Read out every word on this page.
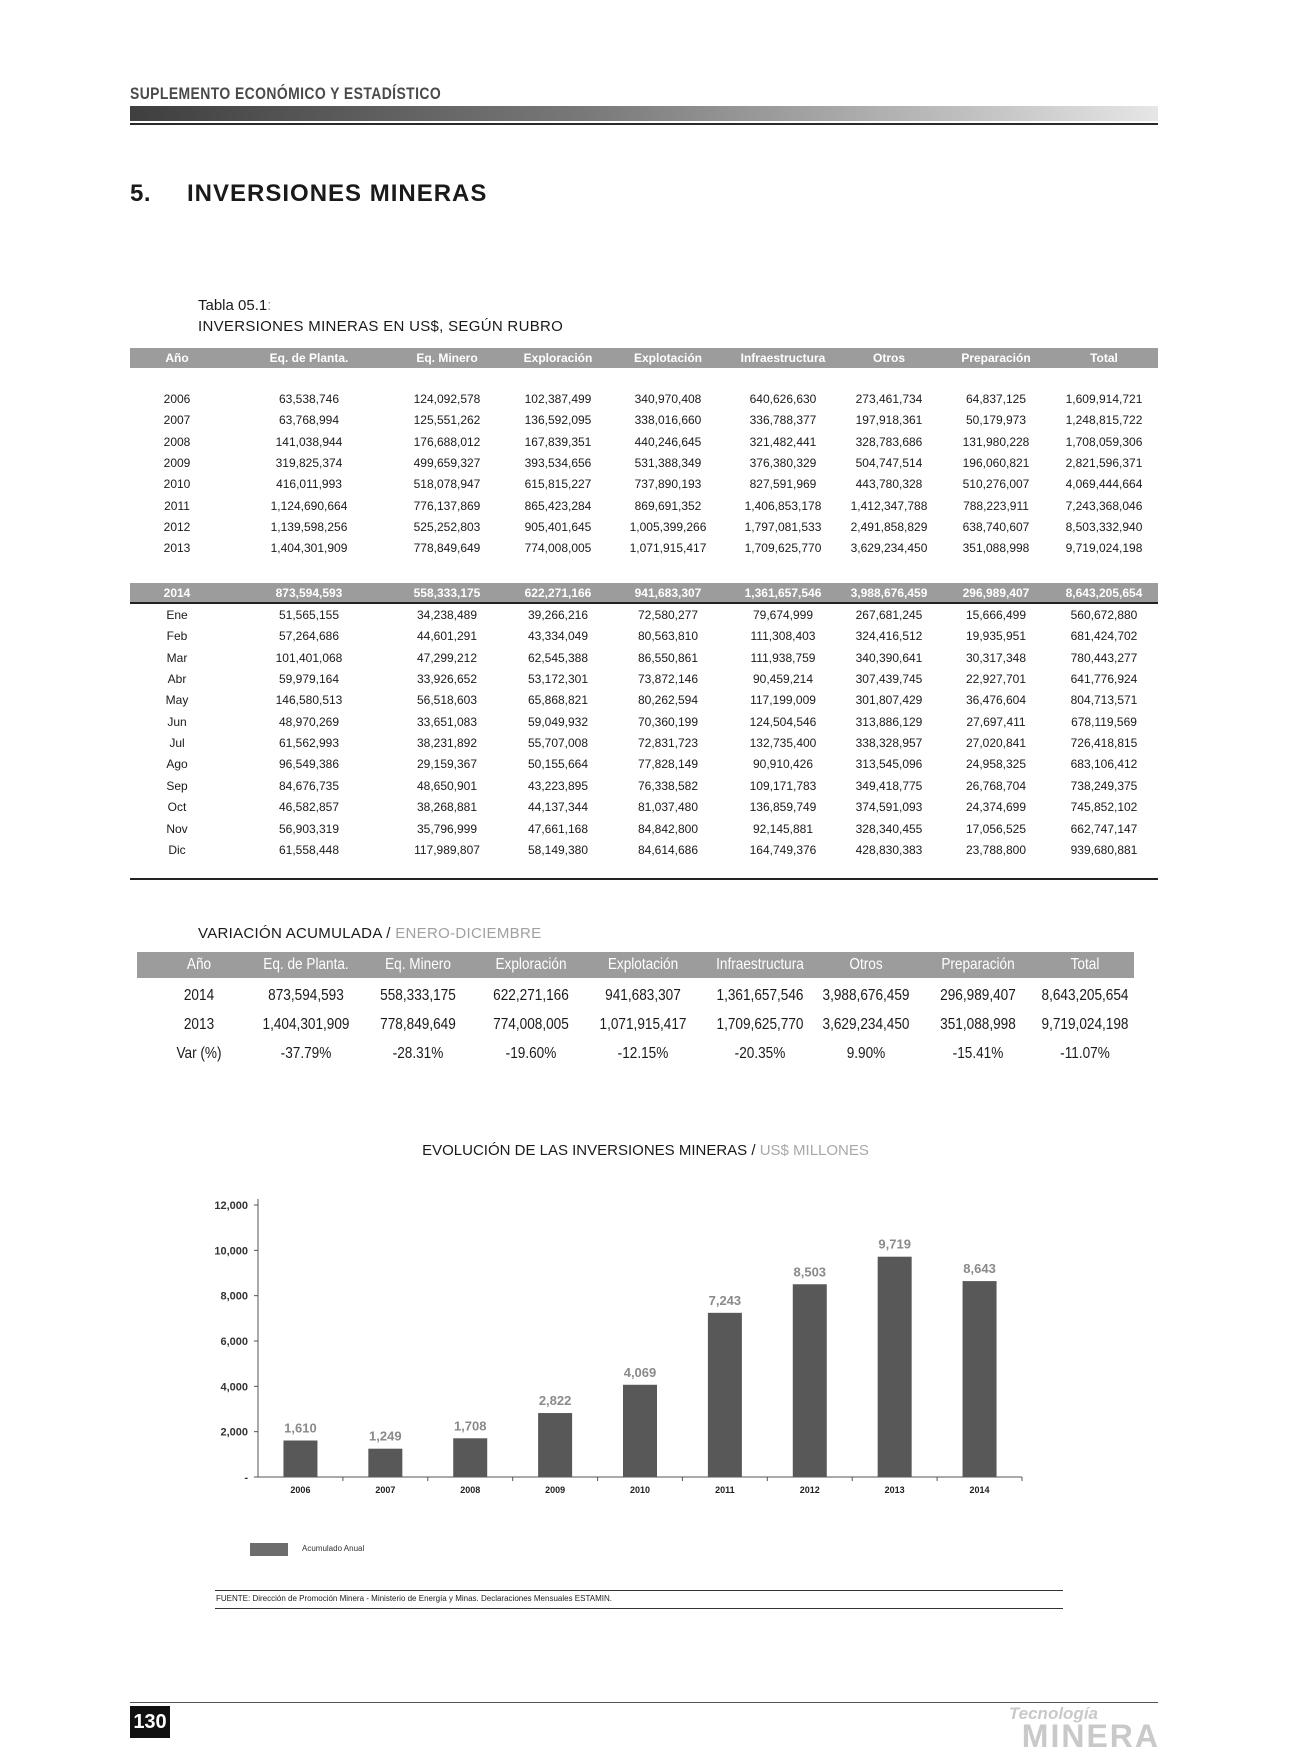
SUPLEMENTO ECONÓMICO Y ESTADÍSTICO
5. INVERSIONES MINERAS
Tabla 05.1:
INVERSIONES MINERAS EN US$, SEGÚN RUBRO
Año	Eq. de Planta.	Eq. Minero	Exploración	Explotación	Infraestructura	Otros	Preparación	Total
2006	63,538,746	124,092,578	102,387,499	340,970,408	640,626,630	273,461,734	64,837,125	1,609,914,721
2007	63,768,994	125,551,262	136,592,095	338,016,660	336,788,377	197,918,361	50,179,973	1,248,815,722
2008	141,038,944	176,688,012	167,839,351	440,246,645	321,482,441	328,783,686	131,980,228	1,708,059,306
2009	319,825,374	499,659,327	393,534,656	531,388,349	376,380,329	504,747,514	196,060,821	2,821,596,371
2010	416,011,993	518,078,947	615,815,227	737,890,193	827,591,969	443,780,328	510,276,007	4,069,444,664
2011	1,124,690,664	776,137,869	865,423,284	869,691,352	1,406,853,178	1,412,347,788	788,223,911	7,243,368,046
2012	1,139,598,256	525,252,803	905,401,645	1,005,399,266	1,797,081,533	2,491,858,829	638,740,607	8,503,332,940
2013	1,404,301,909	778,849,649	774,008,005	1,071,915,417	1,709,625,770	3,629,234,450	351,088,998	9,719,024,198
2014	873,594,593	558,333,175	622,271,166	941,683,307	1,361,657,546	3,988,676,459	296,989,407	8,643,205,654
Ene	51,565,155	34,238,489	39,266,216	72,580,277	79,674,999	267,681,245	15,666,499	560,672,880
Feb	57,264,686	44,601,291	43,334,049	80,563,810	111,308,403	324,416,512	19,935,951	681,424,702
Mar	101,401,068	47,299,212	62,545,388	86,550,861	111,938,759	340,390,641	30,317,348	780,443,277
Abr	59,979,164	33,926,652	53,172,301	73,872,146	90,459,214	307,439,745	22,927,701	641,776,924
May	146,580,513	56,518,603	65,868,821	80,262,594	117,199,009	301,807,429	36,476,604	804,713,571
Jun	48,970,269	33,651,083	59,049,932	70,360,199	124,504,546	313,886,129	27,697,411	678,119,569
Jul	61,562,993	38,231,892	55,707,008	72,831,723	132,735,400	338,328,957	27,020,841	726,418,815
Ago	96,549,386	29,159,367	50,155,664	77,828,149	90,910,426	313,545,096	24,958,325	683,106,412
Sep	84,676,735	48,650,901	43,223,895	76,338,582	109,171,783	349,418,775	26,768,704	738,249,375
Oct	46,582,857	38,268,881	44,137,344	81,037,480	136,859,749	374,591,093	24,374,699	745,852,102
Nov	56,903,319	35,796,999	47,661,168	84,842,800	92,145,881	328,340,455	17,056,525	662,747,147
Dic	61,558,448	117,989,807	58,149,380	84,614,686	164,749,376	428,830,383	23,788,800	939,680,881
VARIACIÓN ACUMULADA / ENERO-DICIEMBRE
Año	Eq. de Planta.	Eq. Minero	Exploración	Explotación	Infraestructura	Otros	Preparación	Total
2014	873,594,593	558,333,175	622,271,166	941,683,307	1,361,657,546	3,988,676,459	296,989,407	8,643,205,654
2013	1,404,301,909	778,849,649	774,008,005	1,071,915,417	1,709,625,770	3,629,234,450	351,088,998	9,719,024,198
Var (%)	-37.79%	-28.31%	-19.60%	-12.15%	-20.35%	9.90%	-15.41%	-11.07%
EVOLUCIÓN DE LAS INVERSIONES MINERAS / US$ MILLONES
-
2,000
4,000
6,000
8,000
10,000
12,000
1,610
2006
1,249
2007
1,708
2008
2,822
2009
4,069
2010
7,243
2011
8,503
2012
9,719
2013
8,643
2014
Acumulado Anual
FUENTE: Dirección de Promoción Minera - Ministerio de Energía y Minas. Declaraciones Mensuales ESTAMIN.
130	Tecnología
MINERA
